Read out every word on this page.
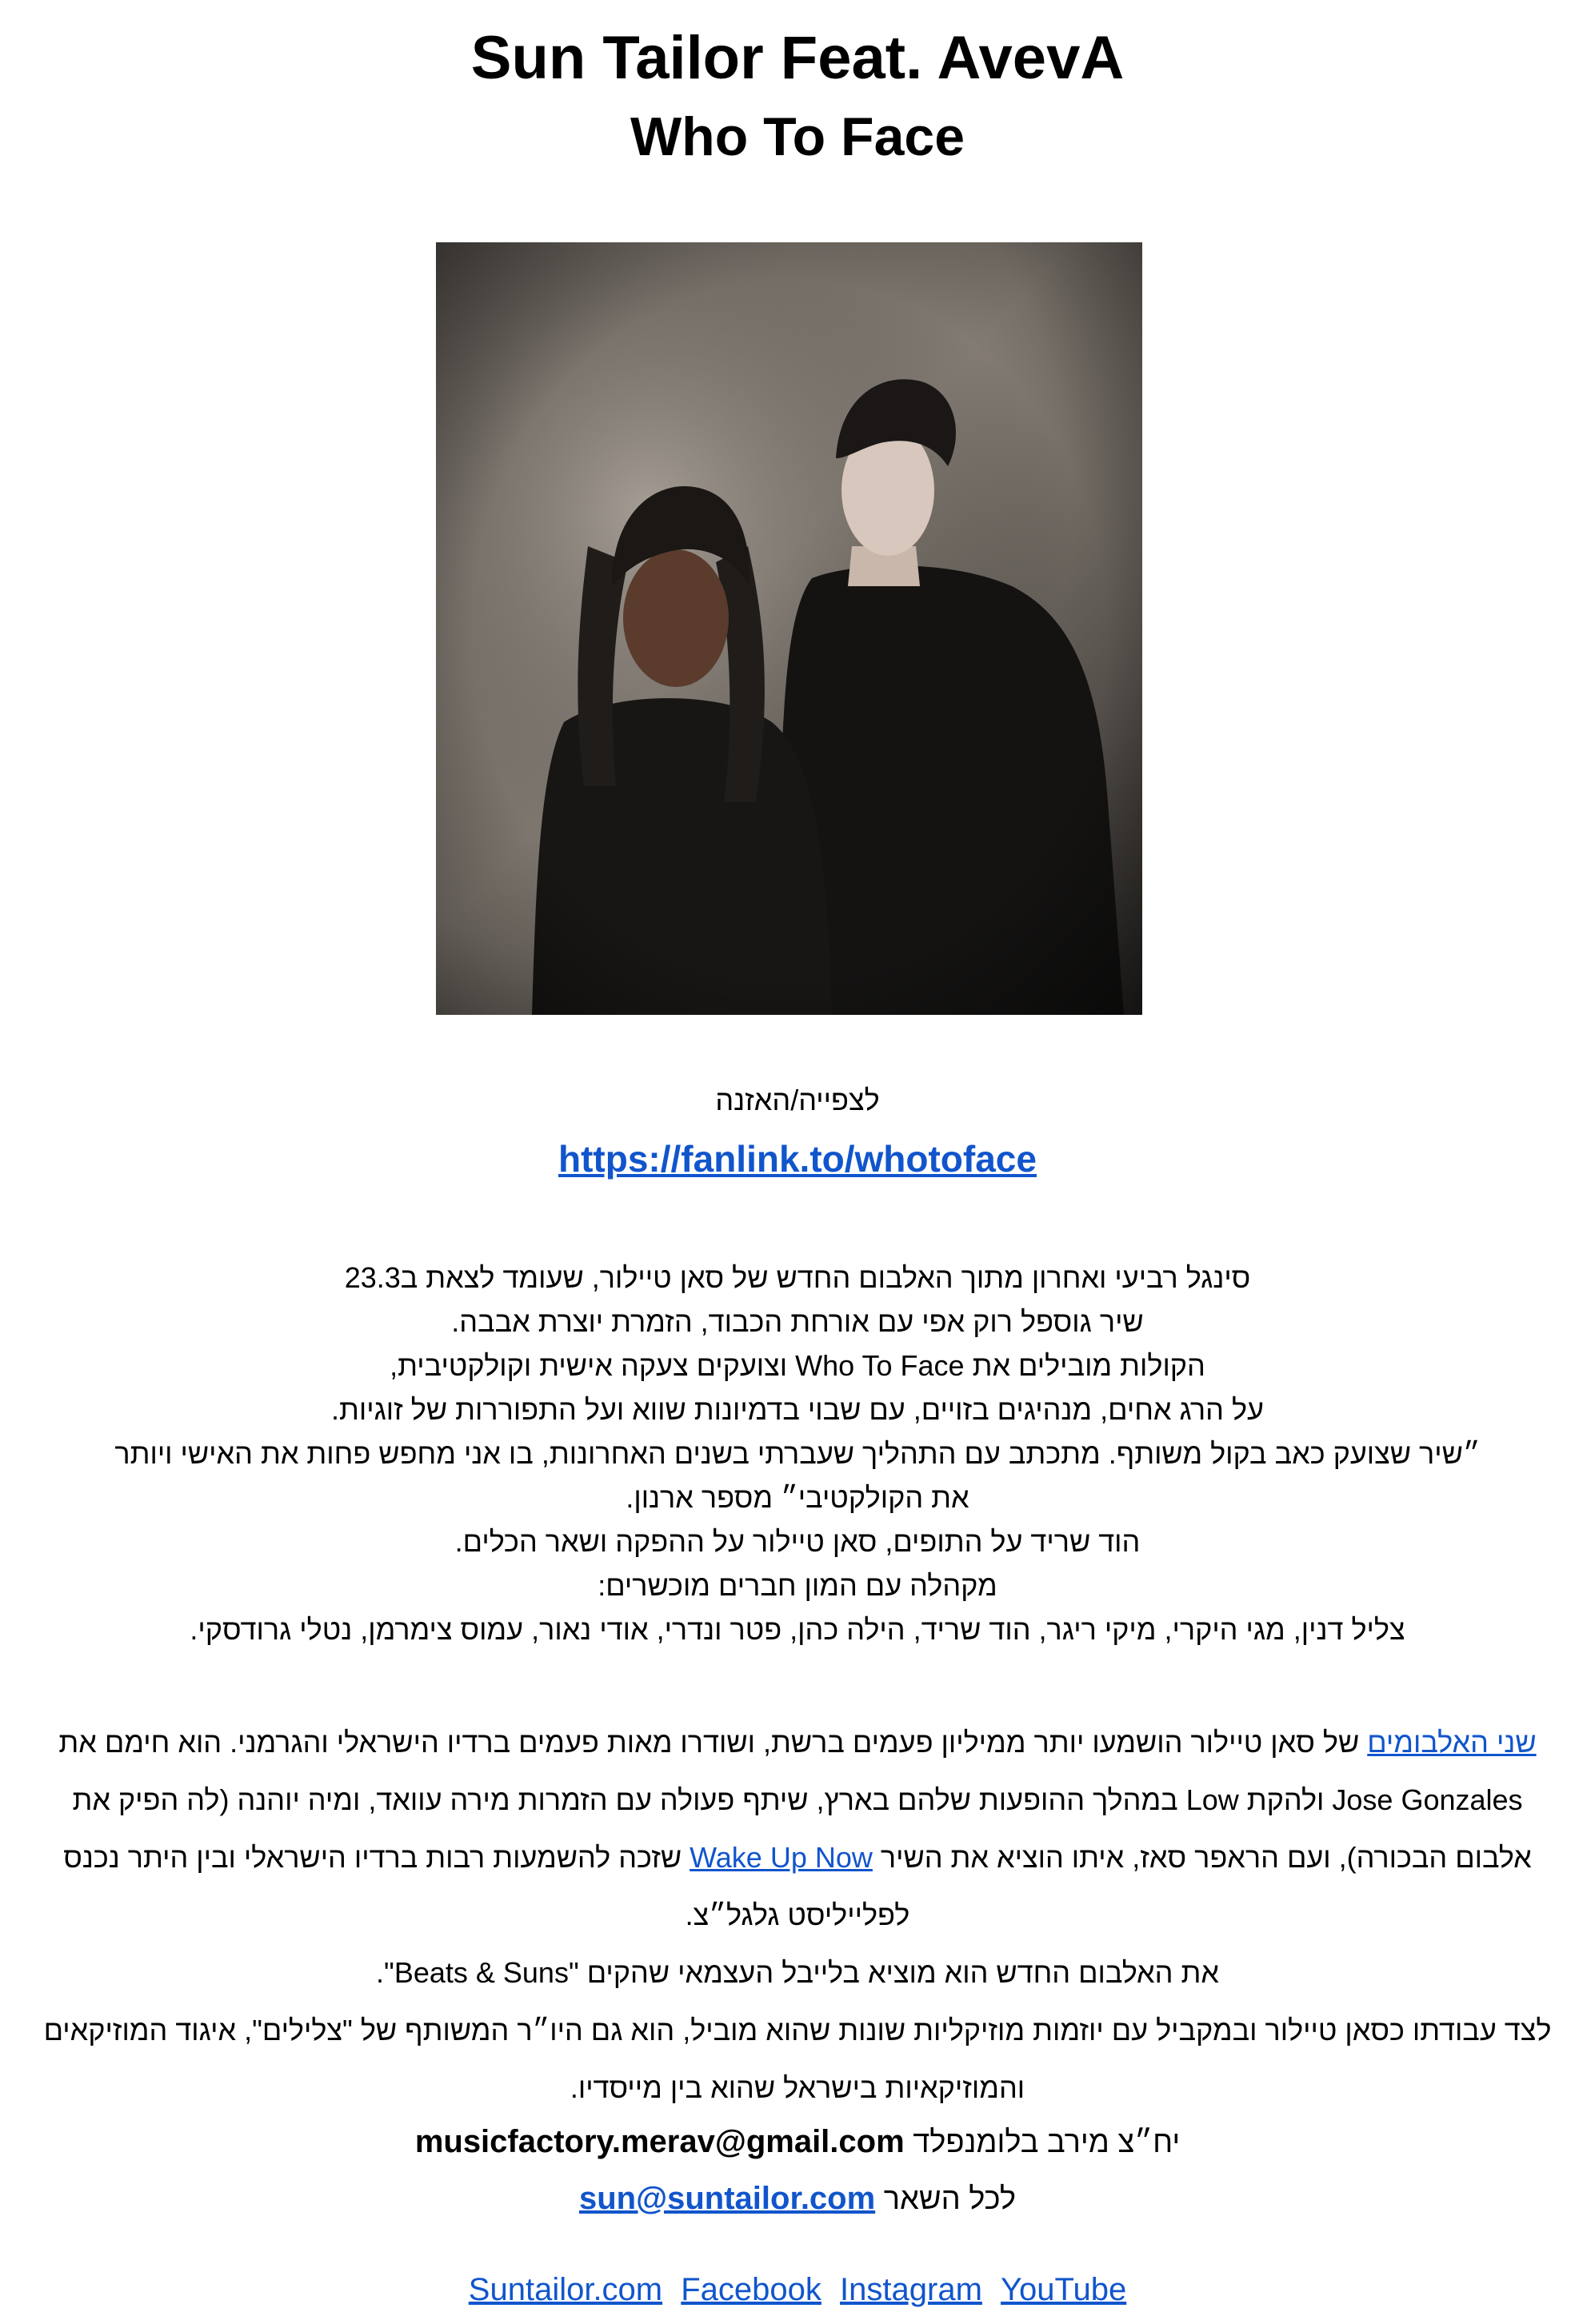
Sun Tailor Feat. AvevA
Who To Face
לצפייה/האזנה
https://fanlink.to/whotoface

סינגל רביעי ואחרון מתוך האלבום החדש של סאן טיילור, שעומד לצאת ב23.3

שיר גוספל רוק אפי עם אורחת הכבוד, הזמרת יוצרת אבבה.

הקולות מובילים את Who To Face וצועקים צעקה אישית וקולקטיבית,

על הרג אחים, מנהיגים בזויים, עם שבוי בדמיונות שווא ועל התפוררות של זוגיות.

״שיר שצועק כאב בקול משותף. מתכתב עם התהליך שעברתי בשנים האחרונות, בו אני מחפש פחות את האישי ויותר

את הקולקטיבי״ מספר ארנון.

הוד שריד על התופים, סאן טיילור על ההפקה ושאר הכלים.

מקהלה עם המון חברים מוכשרים:

צליל דנין, מגי היקרי, מיקי ריגר, הוד שריד, הילה כהן, פטר ונדרי, אודי נאור, עמוס צימרמן, נטלי גרודסקי.

שני האלבומים של סאן טיילור הושמעו יותר ממיליון פעמים ברשת, ושודרו מאות פעמים ברדיו הישראלי והגרמני. הוא חימם את Jose Gonzales ולהקת Low במהלך ההופעות שלהם בארץ, שיתף פעולה עם הזמרות מירה עוואד, ומיה יוהנה (לה הפיק את אלבום הבכורה), ועם הראפר סאז, איתו הוציא את השיר Wake Up Now שזכה להשמעות רבות ברדיו הישראלי ובין היתר נכנס לפלייליסט גלגל״צ.

את האלבום החדש הוא מוציא בלייבל העצמאי שהקים "Beats & Suns".

לצד עבודתו כסאן טיילור ובמקביל עם יוזמות מוזיקליות שונות שהוא מוביל, הוא גם היו״ר המשותף של "צלילים", איגוד המוזיקאים והמוזיקאיות בישראל שהוא בין מייסדיו.

יח״צ מירב בלומנפלד musicfactory.merav@gmail.com
לכל השאר sun@suntailor.com
Suntailor.com Facebook Instagram YouTube
